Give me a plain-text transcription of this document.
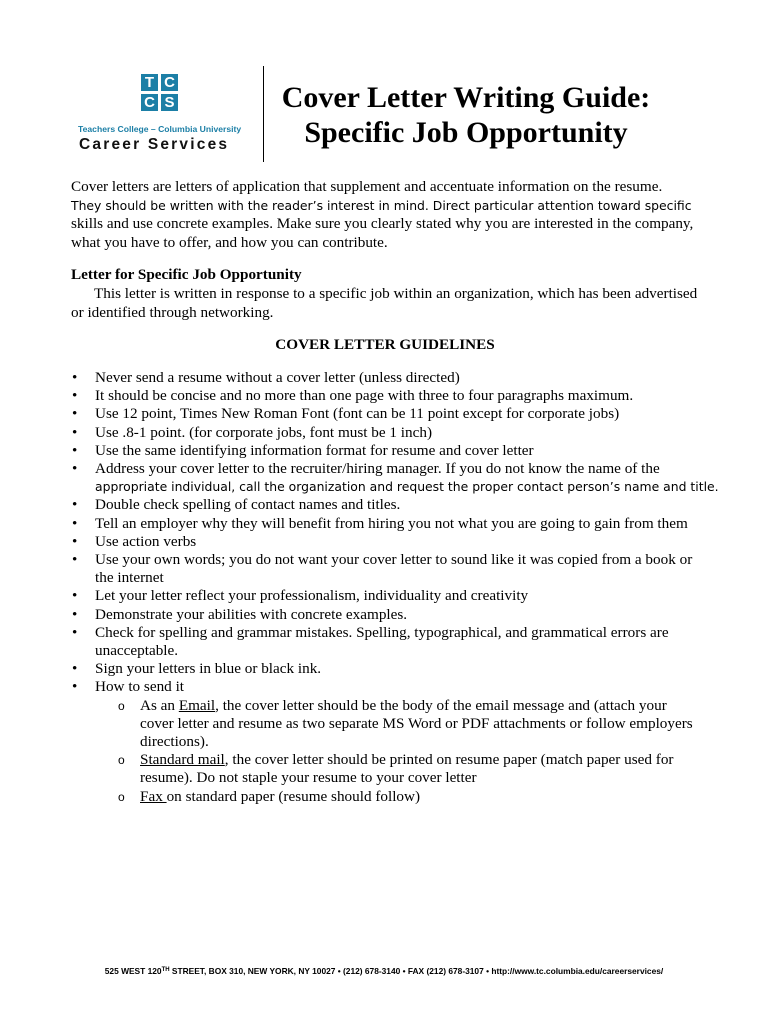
T C
C S
Teachers College – Columbia University
Career Services
Cover Letter Writing Guide:
Specific Job Opportunity
Cover letters are letters of application that supplement and accentuate information on the resume.
They should be written with the reader’s interest in mind. Direct particular attention toward specific
skills and use concrete examples. Make sure you clearly stated why you are interested in the company,
what you have to offer, and how you can contribute.
Letter for Specific Job Opportunity
This letter is written in response to a specific job within an organization, which has been advertised
or identified through networking.
COVER LETTER GUIDELINES
• Never send a resume without a cover letter (unless directed)
• It should be concise and no more than one page with three to four paragraphs maximum.
• Use 12 point, Times New Roman Font (font can be 11 point except for corporate jobs)
• Use .8-1 point. (for corporate jobs, font must be 1 inch)
• Use the same identifying information format for resume and cover letter
• Address your cover letter to the recruiter/hiring manager. If you do not know the name of the
appropriate individual, call the organization and request the proper contact person’s name and title.
• Double check spelling of contact names and titles.
• Tell an employer why they will benefit from hiring you not what you are going to gain from them
• Use action verbs
• Use your own words; you do not want your cover letter to sound like it was copied from a book or
the internet
• Let your letter reflect your professionalism, individuality and creativity
• Demonstrate your abilities with concrete examples.
• Check for spelling and grammar mistakes. Spelling, typographical, and grammatical errors are
unacceptable.
• Sign your letters in blue or black ink.
• How to send it
o As an Email, the cover letter should be the body of the email message and (attach your
cover letter and resume as two separate MS Word or PDF attachments or follow employers
directions).
o Standard mail, the cover letter should be printed on resume paper (match paper used for
resume). Do not staple your resume to your cover letter
o Fax on standard paper (resume should follow)
525 WEST 120TH STREET, BOX 310, NEW YORK, NY 10027 • (212) 678-3140 • FAX (212) 678-3107 • http://www.tc.columbia.edu/careerservices/
